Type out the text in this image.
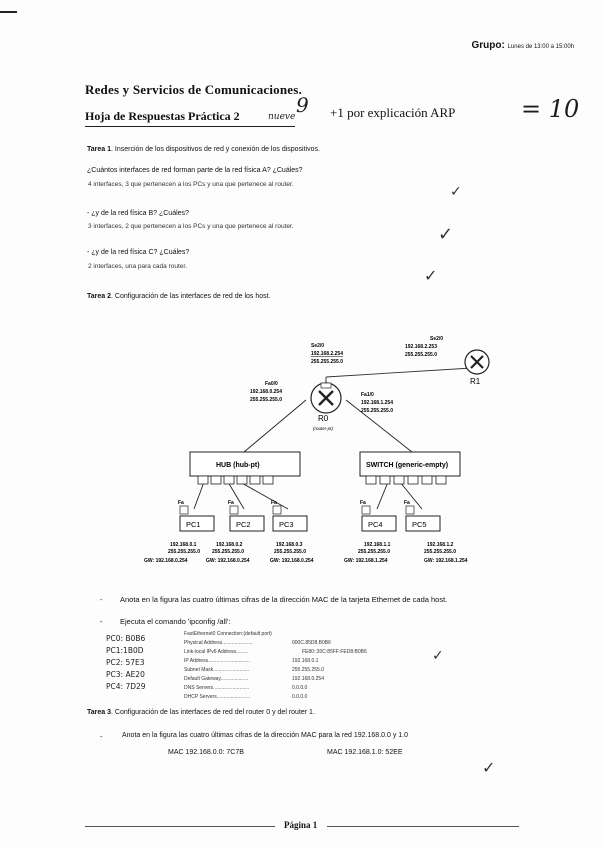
Grupo: Lunes de 13:00 a 15:00h

Redes y Servicios de Comunicaciones.

Hoja de Respuestas Práctica 2	nueve 9 +1 por explicación ARP	= 10

Tarea 1. Inserción de los dispositivos de red y conexión de los dispositivos.

¿Cuántos interfaces de red forman parte de la red física A? ¿Cuáles?

4 interfaces, 3 que pertenecen a los PCs y una que pertenece al router.	✓

- ¿y de la red física B? ¿Cuáles?

3 interfaces, 2 que pertenecen a los PCs y una que pertenece al router.	✓

- ¿y de la red física C? ¿Cuáles?

2 interfaces, una para cada router.	✓

Tarea 2. Configuración de las interfaces de red de los host.

R0
(router-pt)
R1
Se2/0
192.168.2.254
255.255.255.0
Se2/0
192.168.2.253
255.255.255.0
Fa0/0
192.168.0.254
255.255.255.0
Fa1/0
192.168.1.254
255.255.255.0
HUB (hub-pt)	SWITCH (generic-empty)
PC1
Fa
PC2
Fa
PC3
Fa
PC4
Fa
PC5
Fa
192.168.0.1
255.255.255.0
GW: 192.168.0.254
192.168.0.2
255.255.255.0
GW: 192.168.0.254
192.168.0.3
255.255.255.0
GW: 192.168.0.254
192.168.1.1
255.255.255.0
GW: 192.168.1.254
192.168.1.2
255.255.255.0
GW: 192.168.1.254

- Anota en la figura las cuatro últimas cifras de la dirección MAC de la tarjeta Ethernet de cada host.

- Ejecuta el comando 'ipconfig /all':

PC0: B0B6

PC1:1B0D

PC2: 57E3

PC3: AE20

PC4: 7D29

FastEthernet0 Connection:(default port)

Physical Address......................	000C.85D8.B0B6

Link-local IPv6 Address.........	FE80::20C:85FF:FED8:B0B6

IP Address..............................	192.168.0.1

Subnet Mask..........................	255.255.255.0

Default Gateway....................	192.168.0.254

DNS Servers..........................	0.0.0.0

DHCP Servers........................	0.0.0.0

✓

Tarea 3. Configuración de las interfaces de red del router 0 y del router 1.

-	Anota en la figura las cuatro últimas cifras de la dirección MAC para la red 192.168.0.0 y 1.0

MAC 192.168.0.0: 7C7B	MAC 192.168.1.0: 52EE

✓

Página 1
